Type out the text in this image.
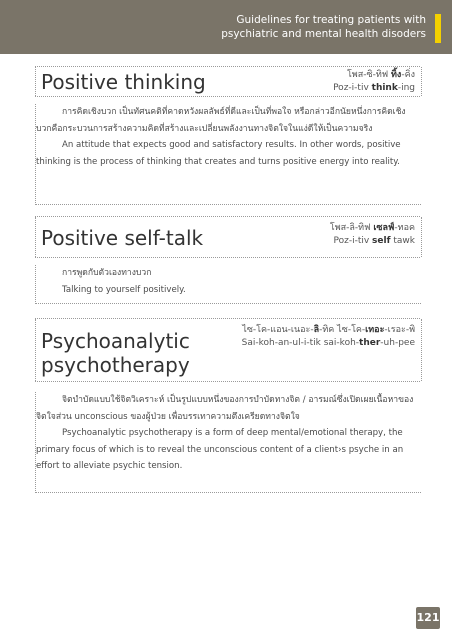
Guidelines for treating patients with
psychiatric and mental health disoders
Positive thinking	โพส-ซิ-ทิฟ ทิ้ง-คิ่ง
Poz-i-tiv think-ing

การคิดเชิงบวก เป็นทัศนคติที่คาดหวังผลลัพธ์ที่ดีและเป็นที่พอใจ หรือกล่าวอีกนัยหนึ่งการคิดเชิงบวกคือกระบวนการสร้างความคิดที่สร้างและเปลี่ยนพลังงานทางจิตใจในแง่ดีให้เป็นความจริง

An attitude that expects good and satisfactory results. In other words, positive thinking is the process of thinking that creates and turns positive energy into reality.

Positive self-talk	โพส-ลิ-ทิฟ เซลฟ์-ทอค
Poz-i-tiv self tawk

การพูดกับตัวเองทางบวก

Talking to yourself positively.

Psychoanalytic
psychotherapy
ไซ-โค-แอน-เนอะ-ลิ-ทิค ไซ-โค-เทอะ-เรอะ-พิ
Sai-koh-an-ul-i-tik sai-koh-ther-uh-pee

จิตบำบัดแบบใช้จิตวิเคราะห์ เป็นรูปแบบหนึ่งของการบำบัดทางจิต / อารมณ์ซึ่งเปิดเผยเนื้อหาของจิตใจส่วน unconscious ของผู้ป่วย เพื่อบรรเทาความตึงเครียดทางจิตใจ

Psychoanalytic psychotherapy is a form of deep mental/emotional therapy, the primary focus of which is to reveal the unconscious content of a client›s psyche in an effort to alleviate psychic tension.

121
